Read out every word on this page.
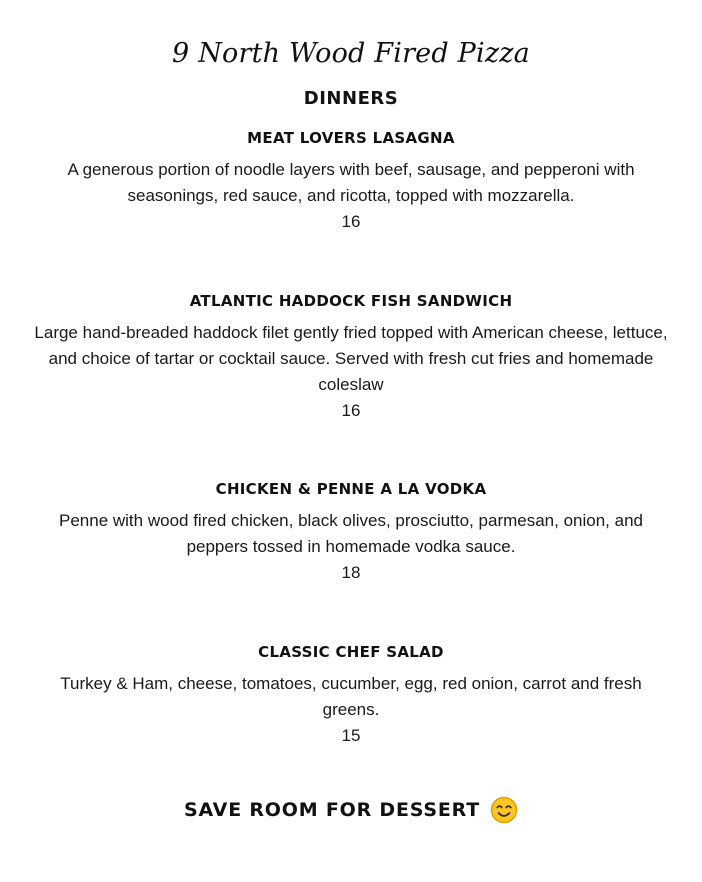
9 North Wood Fired Pizza
DINNERS
MEAT LOVERS LASAGNA
A generous portion of noodle layers with beef, sausage, and pepperoni with seasonings, red sauce, and ricotta, topped with mozzarella.
16
ATLANTIC HADDOCK FISH SANDWICH
Large hand-breaded haddock filet gently fried topped with American cheese, lettuce, and choice of tartar or cocktail sauce. Served with fresh cut fries and homemade coleslaw
16
CHICKEN & PENNE A LA VODKA
Penne with wood fired chicken, black olives, prosciutto, parmesan, onion, and peppers tossed in homemade vodka sauce.
18
CLASSIC CHEF SALAD
Turkey & Ham, cheese, tomatoes, cucumber, egg, red onion, carrot and fresh greens.
15
SAVE ROOM FOR DESSERT
